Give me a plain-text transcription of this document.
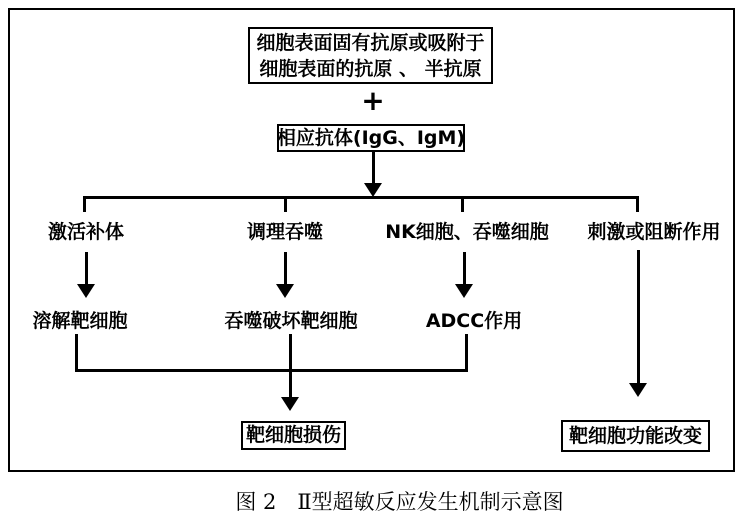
细胞表面固有抗原或吸附于
细胞表面的抗原 、 半抗原
+
相应抗体(IgG、IgM)
激活补体	调理吞噬	NK细胞、吞噬细胞	刺激或阻断作用
溶解靶细胞	吞噬破坏靶细胞	ADCC作用
靶细胞损伤	靶细胞功能改变
图 2　Ⅱ型超敏反应发生机制示意图
